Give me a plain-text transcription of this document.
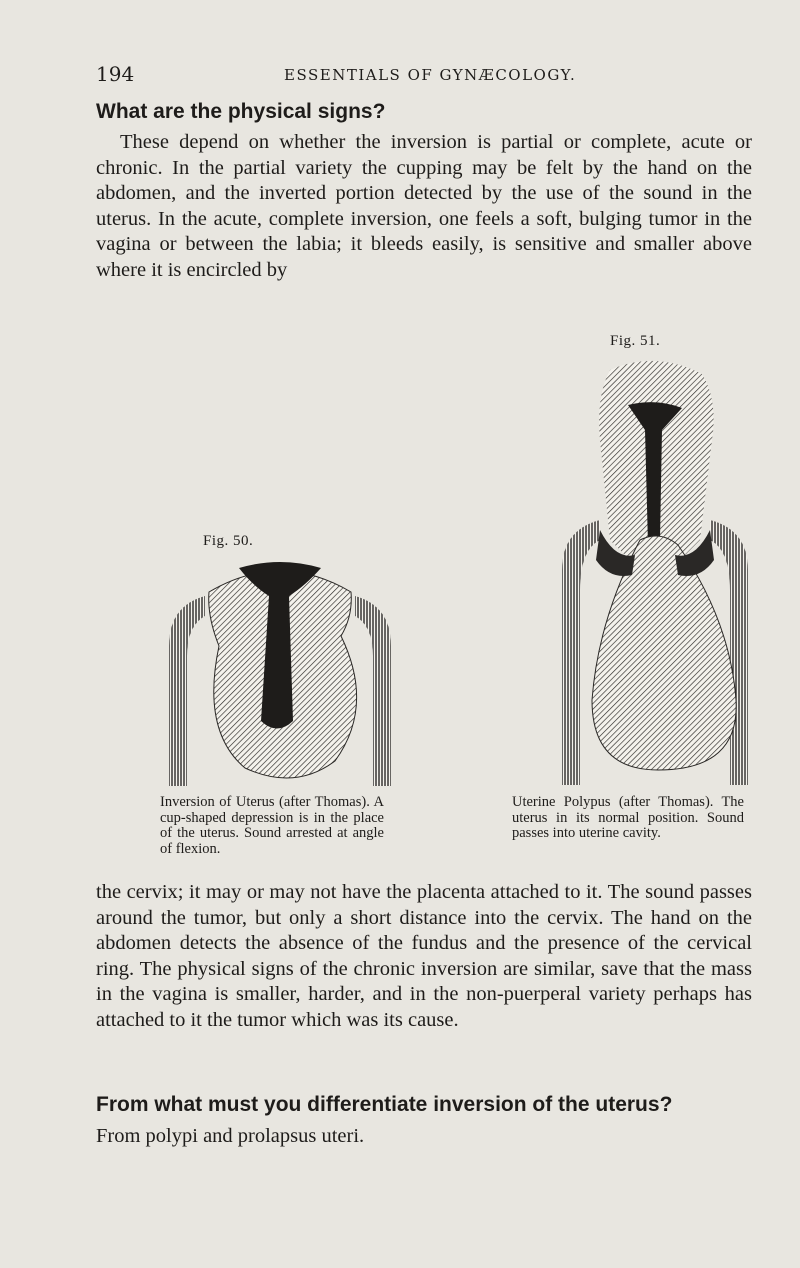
194	ESSENTIALS OF GYNÆCOLOGY.
What are the physical signs?

These depend on whether the inversion is partial or complete, acute or chronic. In the partial variety the cupping may be felt by the hand on the abdomen, and the inverted portion detected by the use of the sound in the uterus. In the acute, complete inversion, one feels a soft, bulging tumor in the vagina or between the labia; it bleeds easily, is sensitive and smaller above where it is encircled by

Fig. 51.
Fig. 50.

Inversion of Uterus (after Thomas). A cup-shaped depression is in the place of the uterus. Sound arrested at angle of flexion.

Uterine Polypus (after Thomas). The uterus in its normal position. Sound passes into uterine cavity.

the cervix; it may or may not have the placenta attached to it. The sound passes around the tumor, but only a short distance into the cervix. The hand on the abdomen detects the absence of the fundus and the presence of the cervical ring. The physical signs of the chronic inversion are similar, save that the mass in the vagina is smaller, harder, and in the non-puerperal variety perhaps has attached to it the tumor which was its cause.

From what must you differentiate inversion of the uterus?

From polypi and prolapsus uteri.
